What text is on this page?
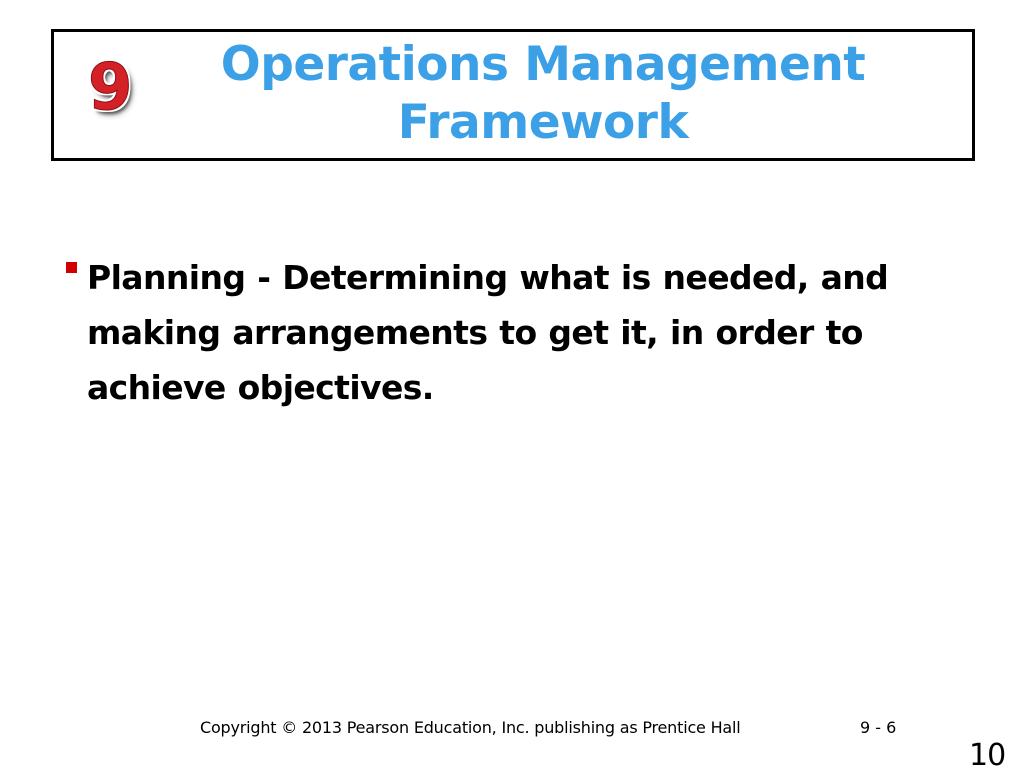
9	Operations Management Framework
Planning - Determining what is needed, and making arrangements to get it, in order to achieve objectives.
Copyright © 2013 Pearson Education, Inc. publishing as Prentice Hall	9 - 6
10
